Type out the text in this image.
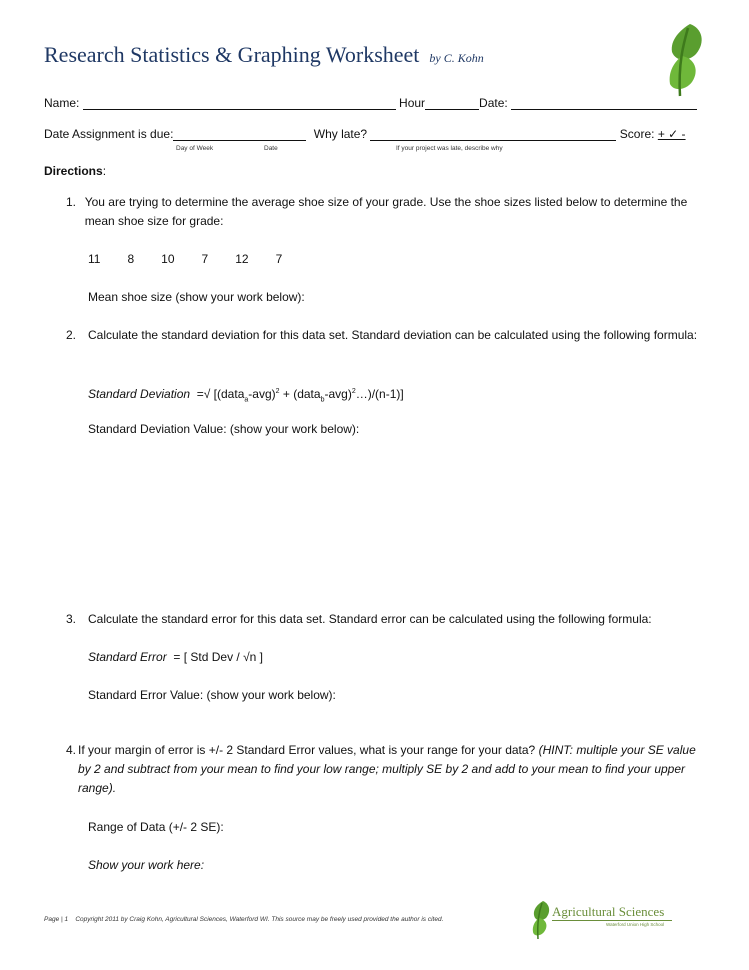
Research Statistics & Graphing Worksheet by C. Kohn
Name:	Hour	Date:
Date Assignment is due:	Why late?	Score: + ✓ -
Day of Week	Date	If your project was late, describe why
Directions:
1. You are trying to determine the average shoe size of your grade. Use the shoe sizes listed below to determine the mean shoe size for grade:
11 8 10 7 12 7
Mean shoe size (show your work below):
2. Calculate the standard deviation for this data set. Standard deviation can be calculated using the following formula:
Standard Deviation =√ [(data$_a$-avg)$^2$ + (data$_b$-avg)$^2$…)/(n-1)]
Standard Deviation Value: (show your work below):
3. Calculate the standard error for this data set. Standard error can be calculated using the following formula:
Standard Error = [ Std Dev / √n ]
Standard Error Value: (show your work below):
4. If your margin of error is +/- 2 Standard Error values, what is your range for your data? (HINT: multiple your SE value by 2 and subtract from your mean to find your low range; multiply SE by 2 and add to your mean to find your upper range).
Range of Data (+/- 2 SE):
Show your work here:
Page | 1 Copyright 2011 by Craig Kohn, Agricultural Sciences, Waterford WI. This source may be freely used provided the author is cited.
Agricultural Sciences
Waterford Union High School
